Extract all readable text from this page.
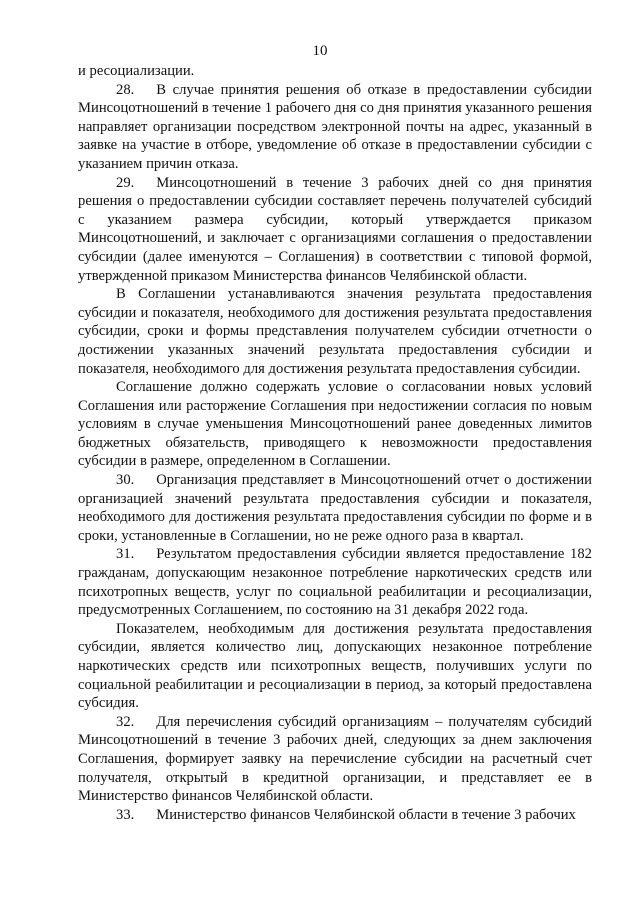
10

и ресоциализации.

28.  В случае принятия решения об отказе в предоставлении субсидии Минсоцотношений в течение 1 рабочего дня со дня принятия указанного решения направляет организации посредством электронной почты на адрес, указанный в заявке на участие в отборе, уведомление об отказе в предоставлении субсидии с указанием причин отказа.

29.  Минсоцотношений в течение 3 рабочих дней со дня принятия решения о предоставлении субсидии составляет перечень получателей субсидий с указанием размера субсидии, который утверждается приказом Минсоцотношений, и заключает с организациями соглашения о предоставлении субсидии (далее именуются – Соглашения) в соответствии с типовой формой, утвержденной приказом Министерства финансов Челябинской области.

В Соглашении устанавливаются значения результата предоставления субсидии и показателя, необходимого для достижения результата предоставления субсидии, сроки и формы представления получателем субсидии отчетности о достижении указанных значений результата предоставления субсидии и показателя, необходимого для достижения результата предоставления субсидии.

Соглашение должно содержать условие о согласовании новых условий Соглашения или расторжение Соглашения при недостижении согласия по новым условиям в случае уменьшения Минсоцотношений ранее доведенных лимитов бюджетных обязательств, приводящего к невозможности предоставления субсидии в размере, определенном в Соглашении.

30.  Организация представляет в Минсоцотношений отчет о достижении организацией значений результата предоставления субсидии и показателя, необходимого для достижения результата предоставления субсидии по форме и в сроки, установленные в Соглашении, но не реже одного раза в квартал.

31.  Результатом предоставления субсидии является предоставление 182 гражданам, допускающим незаконное потребление наркотических средств или психотропных веществ, услуг по социальной реабилитации и ресоциализации, предусмотренных Соглашением, по состоянию на 31 декабря 2022 года.

Показателем, необходимым для достижения результата предоставления субсидии, является количество лиц, допускающих незаконное потребление наркотических средств или психотропных веществ, получивших услуги по социальной реабилитации и ресоциализации в период, за который предоставлена субсидия.

32.  Для перечисления субсидий организациям – получателям субсидий Минсоцотношений в течение 3 рабочих дней, следующих за днем заключения Соглашения, формирует заявку на перечисление субсидии на расчетный счет получателя, открытый в кредитной организации, и представляет ее в Министерство финансов Челябинской области.

33.  Министерство финансов Челябинской области в течение 3 рабочих
